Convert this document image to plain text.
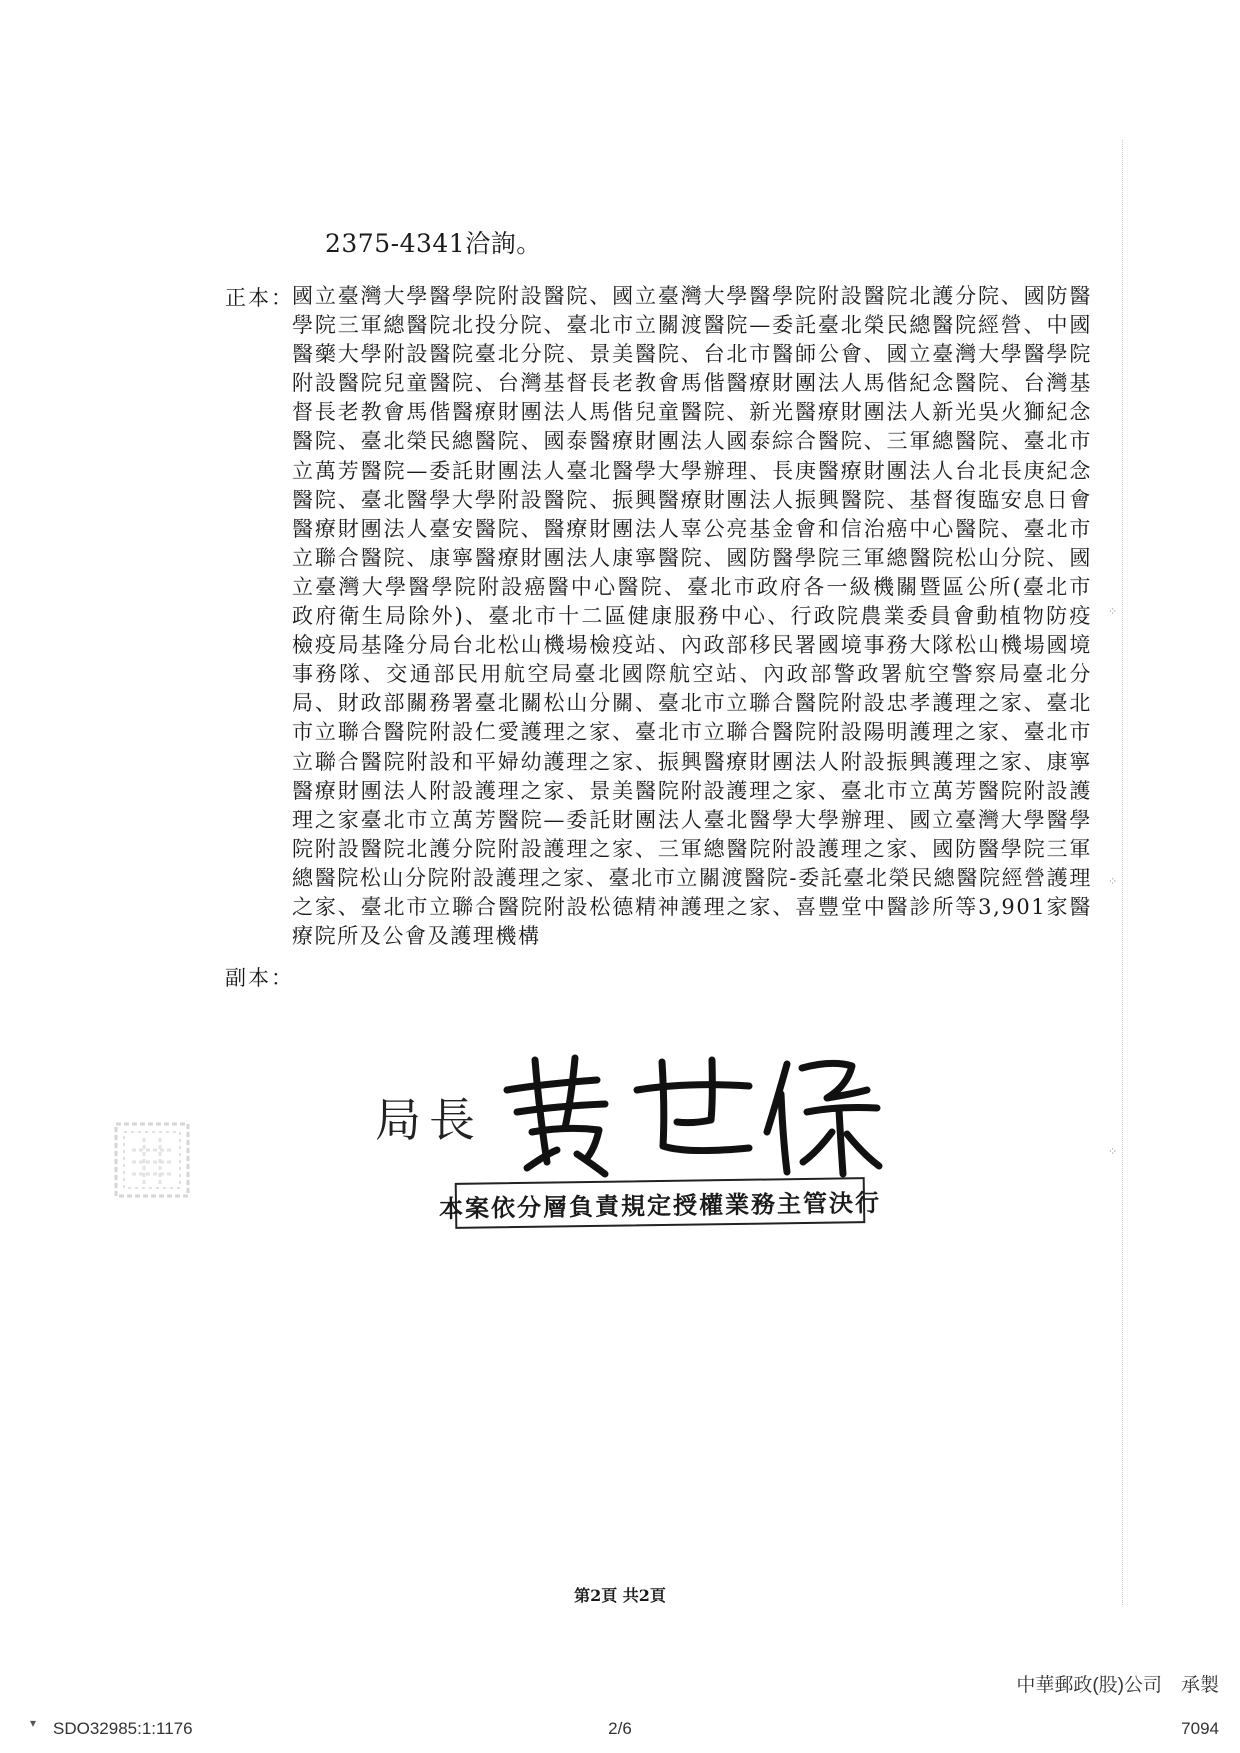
⁘
⁘
⁘
2375-4341洽詢。
正本：

國立臺灣大學醫學院附設醫院、國立臺灣大學醫學院附設醫院北護分院、國防醫學院三軍總醫院北投分院、臺北市立關渡醫院—委託臺北榮民總醫院經營、中國醫藥大學附設醫院臺北分院、景美醫院、台北市醫師公會、國立臺灣大學醫學院附設醫院兒童醫院、台灣基督長老教會馬偕醫療財團法人馬偕紀念醫院、台灣基督長老教會馬偕醫療財團法人馬偕兒童醫院、新光醫療財團法人新光吳火獅紀念醫院、臺北榮民總醫院、國泰醫療財團法人國泰綜合醫院、三軍總醫院、臺北市立萬芳醫院—委託財團法人臺北醫學大學辦理、長庚醫療財團法人台北長庚紀念醫院、臺北醫學大學附設醫院、振興醫療財團法人振興醫院、基督復臨安息日會醫療財團法人臺安醫院、醫療財團法人辜公亮基金會和信治癌中心醫院、臺北市立聯合醫院、康寧醫療財團法人康寧醫院、國防醫學院三軍總醫院松山分院、國立臺灣大學醫學院附設癌醫中心醫院、臺北市政府各一級機關暨區公所(臺北市政府衛生局除外)、臺北市十二區健康服務中心、行政院農業委員會動植物防疫檢疫局基隆分局台北松山機場檢疫站、內政部移民署國境事務大隊松山機場國境事務隊、交通部民用航空局臺北國際航空站、內政部警政署航空警察局臺北分局、財政部關務署臺北關松山分關、臺北市立聯合醫院附設忠孝護理之家、臺北市立聯合醫院附設仁愛護理之家、臺北市立聯合醫院附設陽明護理之家、臺北市立聯合醫院附設和平婦幼護理之家、振興醫療財團法人附設振興護理之家、康寧醫療財團法人附設護理之家、景美醫院附設護理之家、臺北市立萬芳醫院附設護理之家臺北市立萬芳醫院—委託財團法人臺北醫學大學辦理、國立臺灣大學醫學院附設醫院北護分院附設護理之家、三軍總醫院附設護理之家、國防醫學院三軍總醫院松山分院附設護理之家、臺北市立關渡醫院-委託臺北榮民總醫院經營護理之家、臺北市立聯合醫院附設松德精神護理之家、喜豐堂中醫診所等3,901家醫療院所及公會及護理機構

副本：
局長
本案依分層負責規定授權業務主管決行
第2頁 共2頁
▾ SDO32985:1:1176	2/6
中華郵政(股)公司　承製
7094
